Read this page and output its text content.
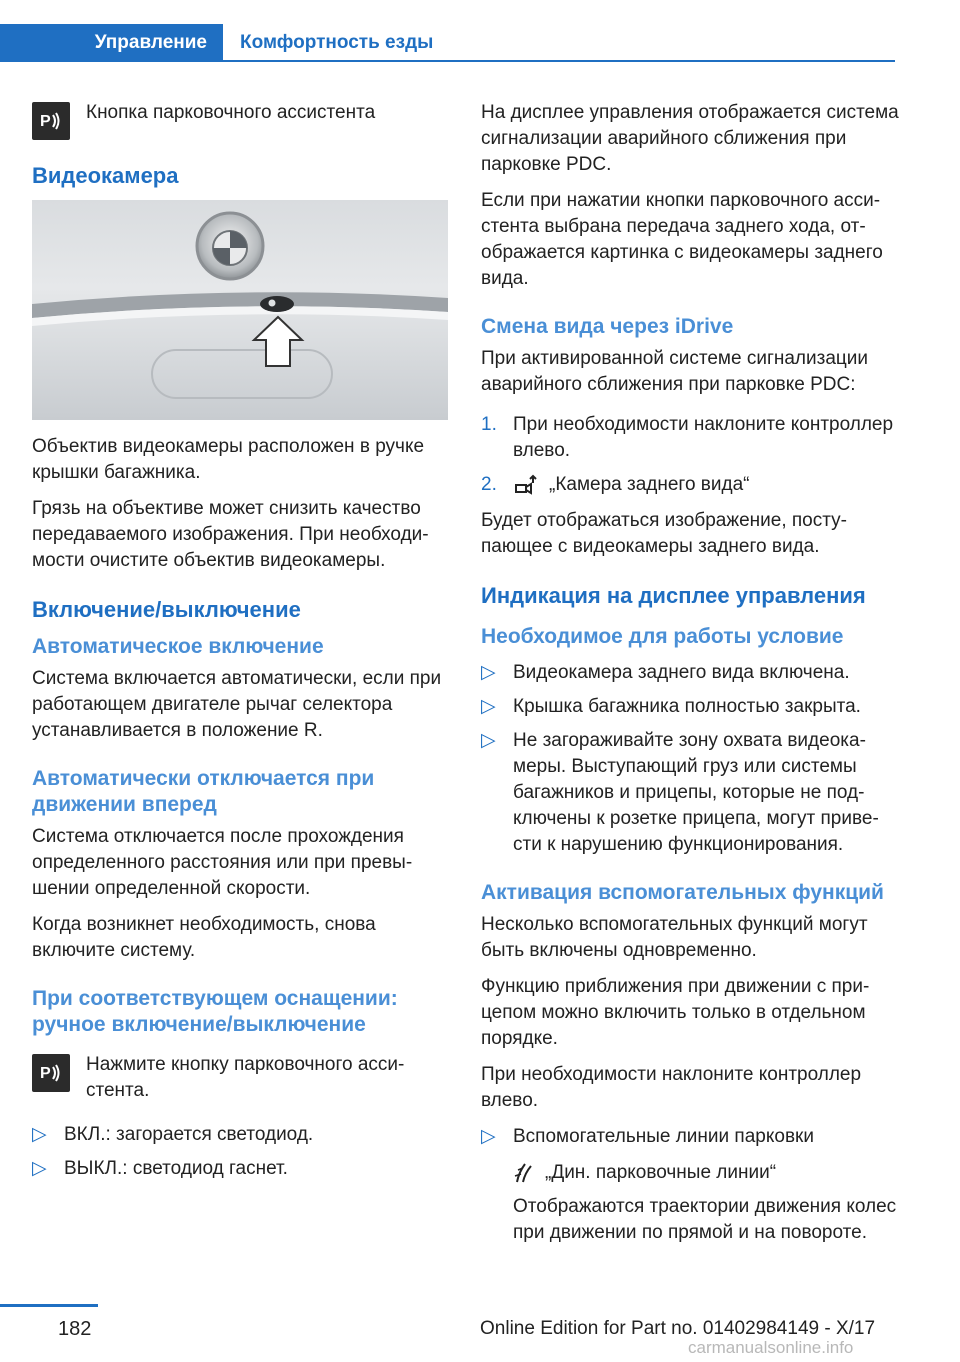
Управление Комфортность езды
P Кнопка парковочного ассистента
Видеокамера

Объектив видеокамеры расположен в ручке крышки багажника.

Грязь на объективе может снизить качество передаваемого изображения. При необходимости очистите объектив видеокамеры.

Включение/выключение
Автоматическое включение

Система включается автоматически, если при работающем двигателе рычаг селектора устанавливается в положение R.

Автоматически отключается при движении вперед

Система отключается после прохождения определенного расстояния или при превышении определенной скорости.

Когда возникнет необходимость, снова включите систему.

При соответствующем оснащении: ручное включение/выключение
P Нажмите кнопку парковочного ассистента.
▷ ВКЛ.: загорается светодиод.
▷ ВЫКЛ.: светодиод гаснет.

На дисплее управления отображается система сигнализации аварийного сближения при парковке PDC.

Если при нажатии кнопки парковочного ассистента выбрана передача заднего хода, отображается картинка с видеокамеры заднего вида.

Смена вида через iDrive

При активированной системе сигнализации аварийного сближения при парковке PDC:

1. При необходимости наклоните контроллер влево.
2.	„Камера заднего вида“

Будет отображаться изображение, поступающее с видеокамеры заднего вида.

Индикация на дисплее управления
Необходимое для работы условие
▷ Видеокамера заднего вида включена.
▷ Крышка багажника полностью закрыта.
▷ Не загораживайте зону охвата видеокамеры. Выступающий груз или системы багажников и прицепы, которые не подключены к розетке прицепа, могут привести к нарушению функционирования.
Активация вспомогательных функций

Несколько вспомогательных функций могут быть включены одновременно.

Функцию приближения при движении с прицепом можно включить только в отдельном порядке.

При необходимости наклоните контроллер влево.

▷ Вспомогательные линии парковки
„Дин. парковочные линии“
Отображаются траектории движения колес при движении по прямой и на повороте.
182	Online Edition for Part no. 01402984149 - X/17
carmanualsonline.info
